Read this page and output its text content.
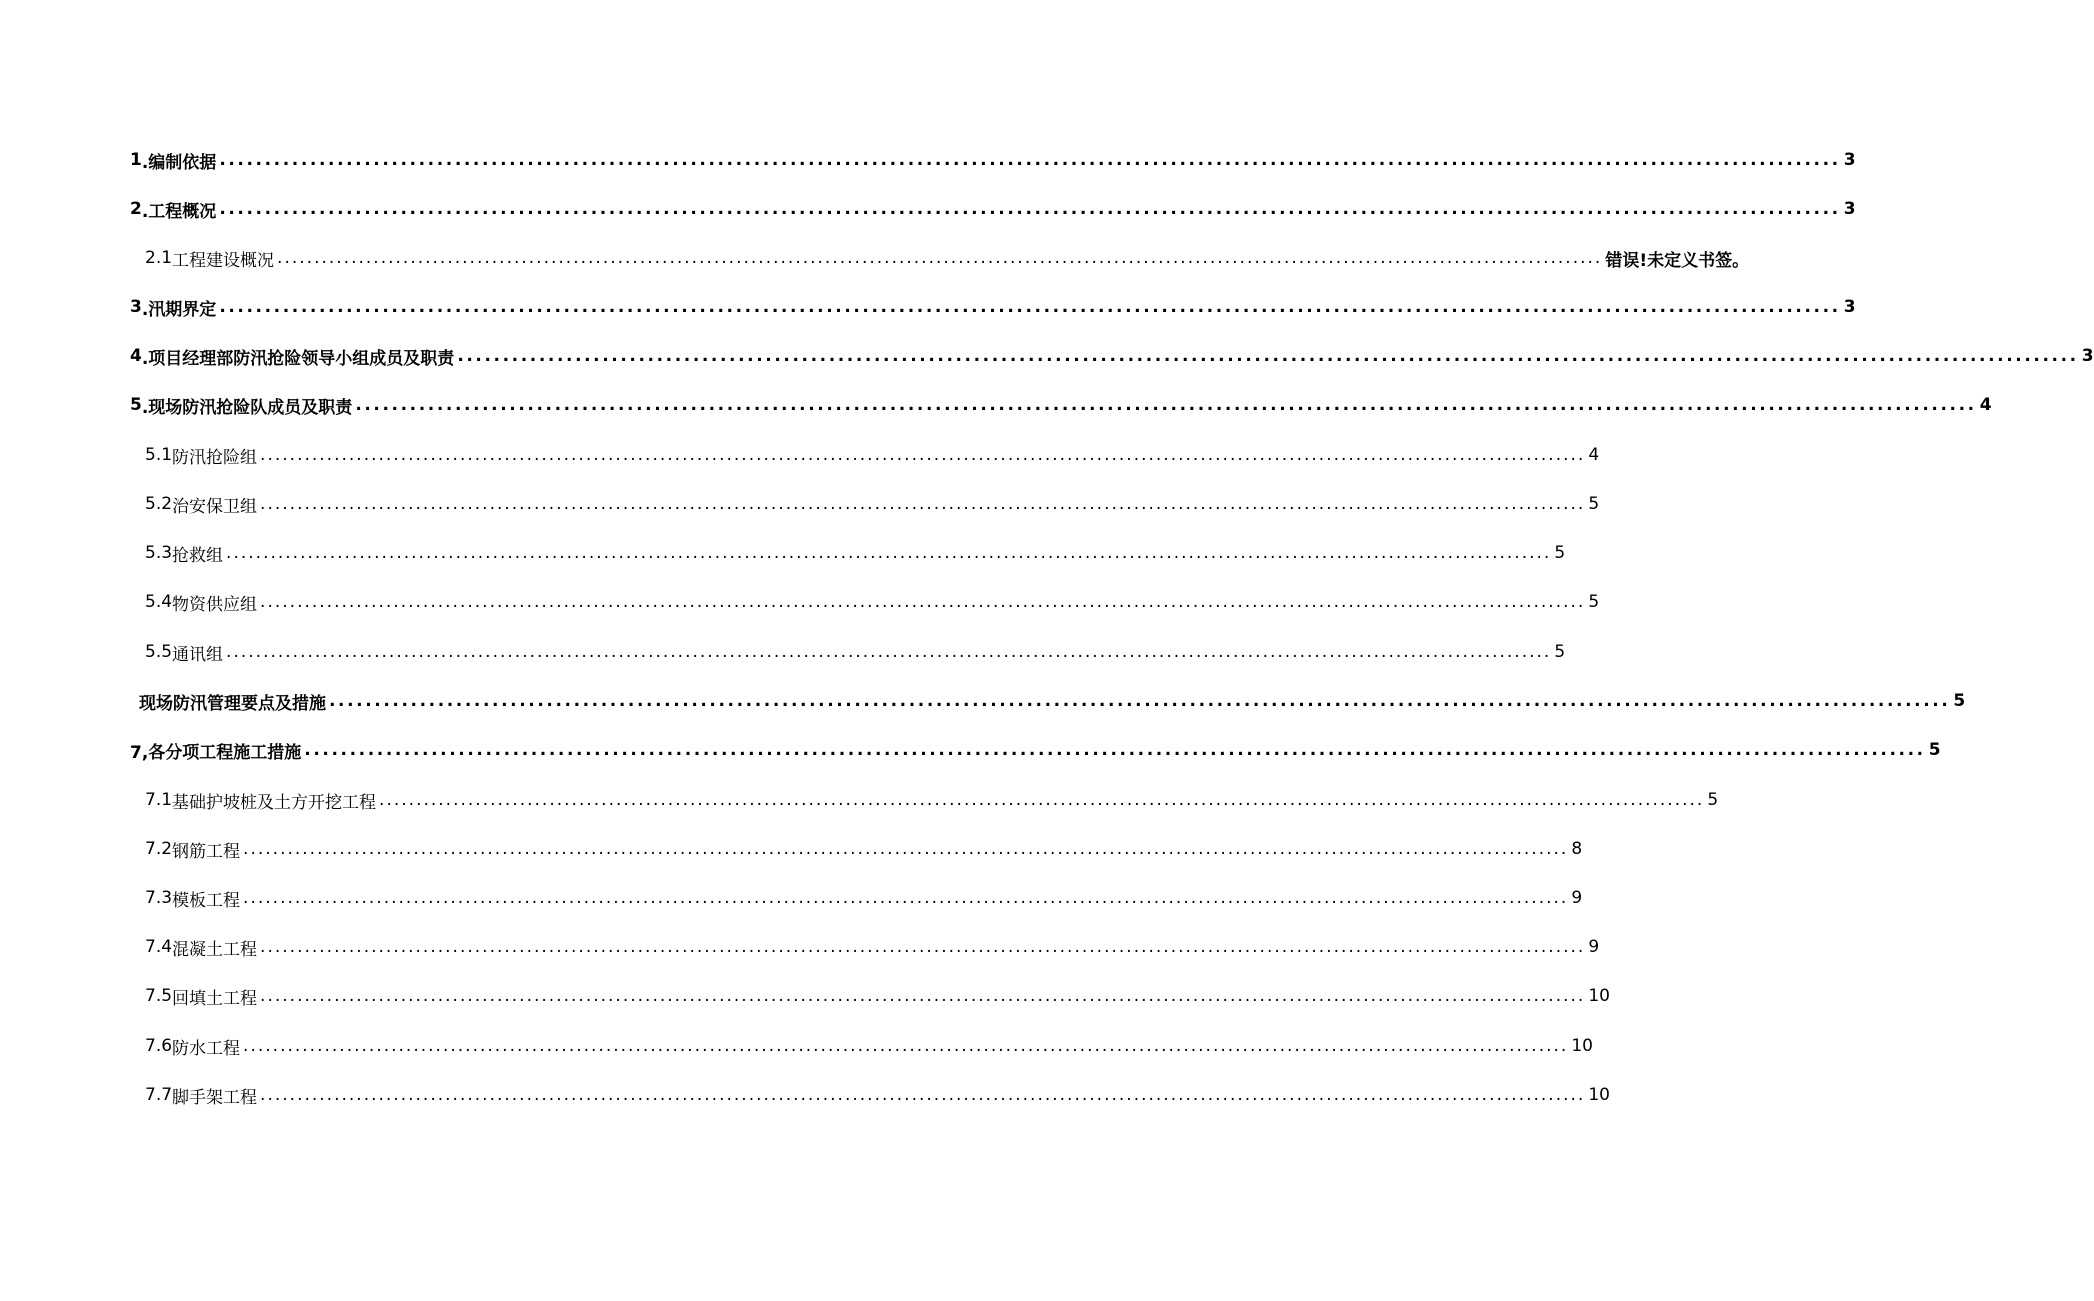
1 .编制依据 ................................................................................................................................................................................... 3
2 .工程概况 ................................................................................................................................................................................... 3
2.1 工程建设概况 ................................................................................................................................................................................... 错误!未定义书签。
3 .汛期界定 ................................................................................................................................................................................... 3
4 .项目经理部防汛抢险领导小组成员及职责 ................................................................................................................................................................................... 3
5 .现场防汛抢险队成员及职责 ................................................................................................................................................................................... 4
5.1 防汛抢险组 ................................................................................................................................................................................... 4
5.2 治安保卫组 ................................................................................................................................................................................... 5
5.3 抢救组 ................................................................................................................................................................................... 5
5.4 物资供应组 ................................................................................................................................................................................... 5
5.5 通讯组 ................................................................................................................................................................................... 5
现场防汛管理要点及措施 ................................................................................................................................................................................... 5
7,各分项工程施工措施 ................................................................................................................................................................................... 5
7.1 基础护坡桩及土方开挖工程 ................................................................................................................................................................................... 5
7.2 钢筋工程 ................................................................................................................................................................................... 8
7.3 模板工程 ................................................................................................................................................................................... 9
7.4 混凝土工程 ................................................................................................................................................................................... 9
7.5 回填土工程 ................................................................................................................................................................................... 10
7.6 防水工程 ................................................................................................................................................................................... 10
7.7 脚手架工程 ................................................................................................................................................................................... 10
